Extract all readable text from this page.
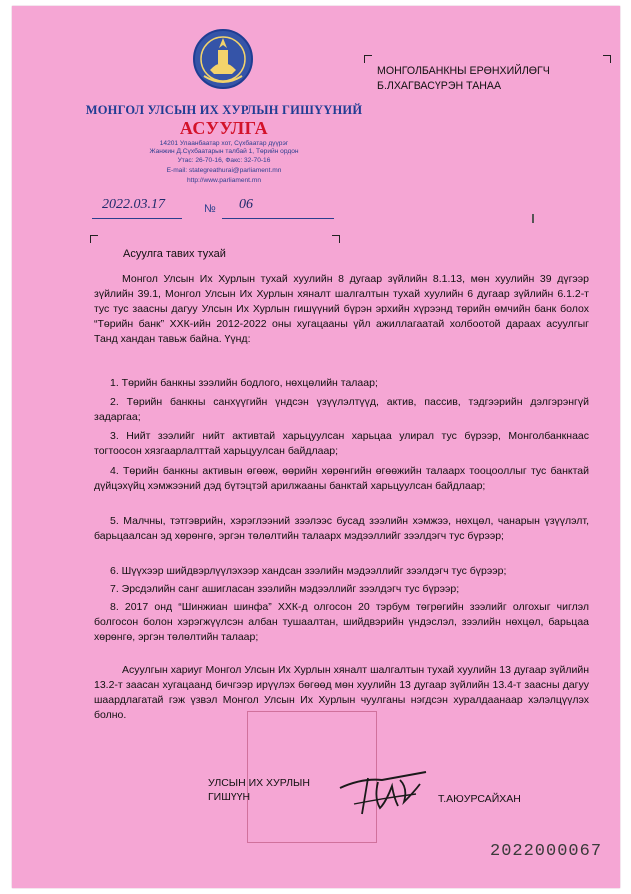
МОНГОЛ УЛСЫН ИХ ХУРЛЫН ГИШҮҮНИЙ
АСУУЛГА
14201 Улаанбаатар хот, Сүхбаатар дүүрэг
Жанжин Д.Сүхбаатарын талбай 1, Төрийн ордон
Утас: 26-70-16, Факс: 32-70-16
E-mail: stategreathurai@parliament.mn
http://www.parliament.mn
2022.03.17	№ 06
МОНГОЛБАНКНЫ ЕРӨНХИЙЛӨГЧ
Б.ЛХАГВАСҮРЭН ТАНАА
Асуулга тавих тухай
Монгол Улсын Их Хурлын тухай хуулийн 8 дугаар зүйлийн 8.1.13, мөн хуулийн 39 дүгээр зүйлийн 39.1, Монгол Улсын Их Хурлын хяналт шалгалтын тухай хуулийн 6 дугаар зүйлийн 6.1.2-т тус тус заасны дагуу Улсын Их Хурлын гишүүний бүрэн эрхийн хүрээнд төрийн өмчийн банк болох “Төрийн банк” ХХК-ийн 2012-2022 оны хугацааны үйл ажиллагаатай холбоотой дараах асуулгыг Танд хандан тавьж байна. Үүнд:
1. Төрийн банкны зээлийн бодлого, нөхцөлийн талаар;
2. Төрийн банкны санхүүгийн үндсэн үзүүлэлтүүд, актив, пассив, тэдгээрийн дэлгэрэнгүй задаргаа;
3. Нийт зээлийг нийт активтай харьцуулсан харьцаа улирал тус бүрээр, Монголбанкнаас тогтоосон хязгаарлалттай харьцуулсан байдлаар;
4. Төрийн банкны активын өгөөж, өөрийн хөрөнгийн өгөөжийн талаарх тооцооллыг тус банктай дүйцэхүйц хэмжээний дэд бүтэцтэй арилжааны банктай харьцуулсан байдлаар;
5. Малчны, тэтгэврийн, хэрэглээний зээлээс бусад зээлийн хэмжээ, нөхцөл, чанарын үзүүлэлт, барьцаалсан эд хөрөнгө, эргэн төлөлтийн талаарх мэдээллийг зээлдэгч тус бүрээр;
6. Шүүхээр шийдвэрлүүлэхээр хандсан зээлийн мэдээллийг зээлдэгч тус бүрээр;
7. Эрсдэлийн санг ашигласан зээлийн мэдээллийг зээлдэгч тус бүрээр;
8. 2017 онд “Шинжиан шинфа” ХХК-д олгосон 20 тэрбум төгрөгийн зээлийг олгохыг чиглэл болгосон болон хэрэгжүүлсэн албан тушаалтан, шийдвэрийн үндэслэл, зээлийн нөхцөл, барьцаа хөрөнгө, эргэн төлөлтийн талаар;
Асуулгын хариуг Монгол Улсын Их Хурлын хяналт шалгалтын тухай хуулийн 13 дугаар зүйлийн 13.2-т заасан хугацаанд бичгээр ирүүлэх бөгөөд мөн хуулийн 13 дугаар зүйлийн 13.4-т заасны дагуу шаардлагатай гэж үзвэл Монгол Улсын Их Хурлын чуулганы нэгдсэн хуралдаанаар хэлэлцүүлэх болно.
УЛСЫН ИХ ХУРЛЫН
ГИШҮҮН	Т.АЮУРСАЙХАН
2022000067
